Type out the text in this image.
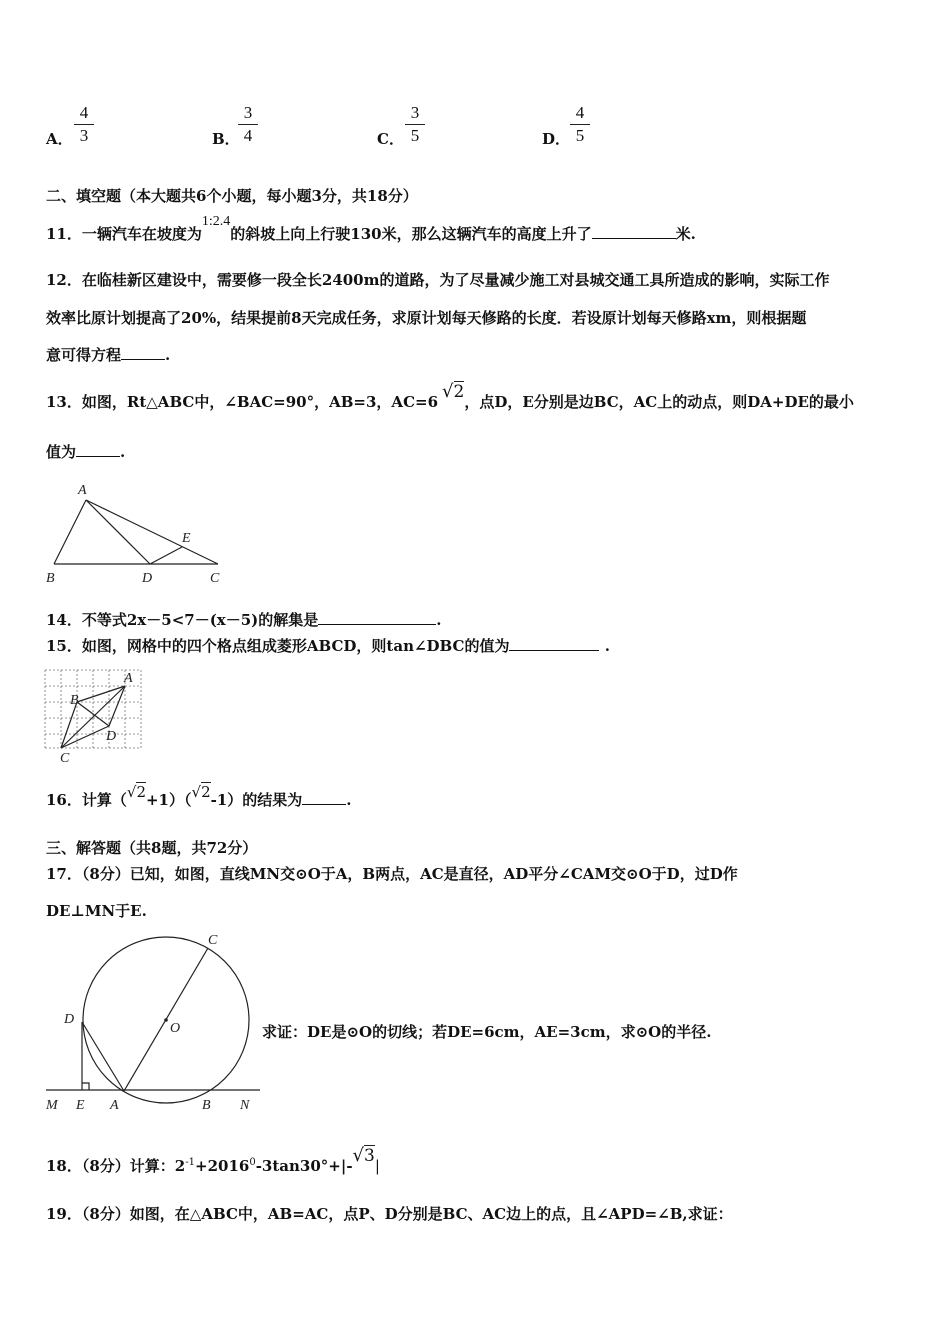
A． $\frac{4}{3}$	B．
$\frac{3}{4}$	C． $\frac{3}{5}$	D． $\frac{4}{5}$
二、填空题（本大题共6个小题，每小题3分，共18分）
11．一辆汽车在坡度为1:2.4的斜坡上向上行驶130米，那么这辆汽车的高度上升了	米.
12．在临桂新区建设中，需要修一段全长2400m的道路，为了尽量减少施工对县城交通工具所造成的影响，实际工作
效率比原计划提高了20%，结果提前8天完成任务，求原计划每天修路的长度．若设原计划每天修路xm，则根据题
意可得方程	.
13．如图，Rt△ABC中，∠BAC=90°，AB=3，AC=6 √2，点D，E分别是边BC，AC上的动点，则DA+DE的最小
值为	.
A
B	C
D
E
14．不等式2x－5<7－(x－5)的解集是	.
15．如图，网格中的四个格点组成菱形ABCD，则tan∠DBC的值为	.
A
B
C
D
16．计算（√2+1）（√2-1）的结果为	.
三、解答题（共8题，共72分）
17．（8分）已知，如图，直线MN交⊙O于A，B两点，AC是直径，AD平分∠CAM交⊙O于D，过D作
DE⊥MN于E.
C
D
O
M E A	B N
求证：DE是⊙O的切线；若DE=6cm，AE=3cm，求⊙O的半径.
18．（8分）计算：$2^{-1}+2016^0-3\tan 30^\circ+|-√3|$
19．（8分）如图，在△ABC中，AB=AC，点P、D分别是BC、AC边上的点，且∠APD=∠B,求证：
